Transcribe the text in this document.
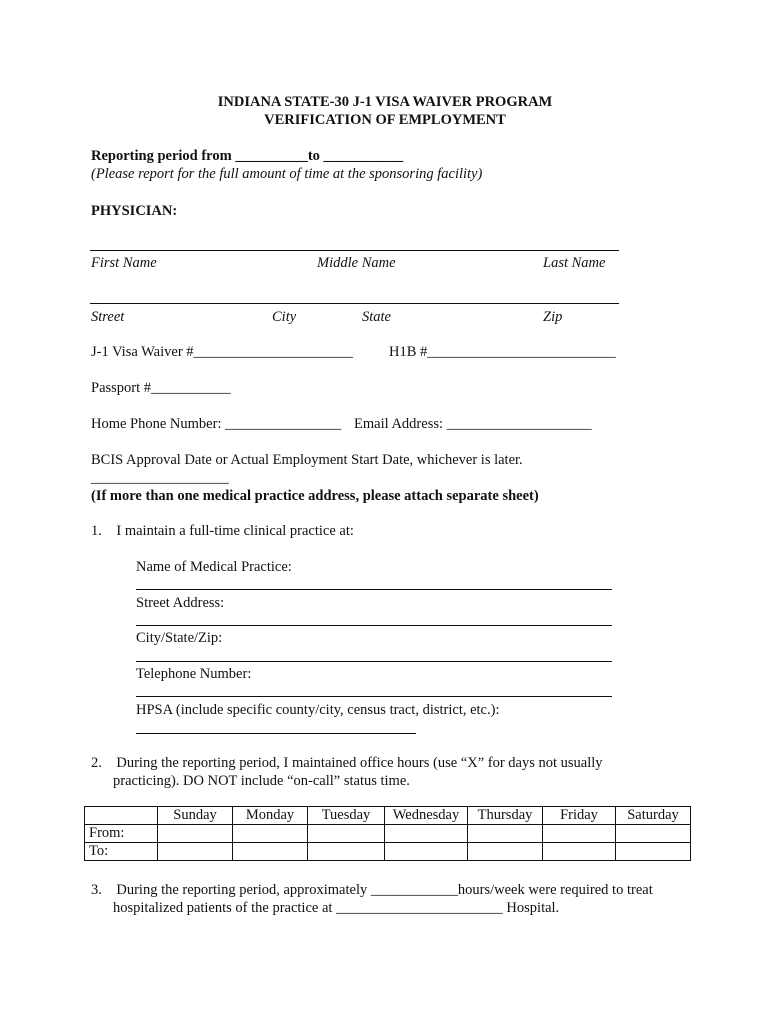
INDIANA STATE-30 J-1 VISA WAIVER PROGRAM
VERIFICATION OF EMPLOYMENT
Reporting period from __________to ___________
(Please report for the full amount of time at the sponsoring facility)
PHYSICIAN:
First Name	Middle Name	Last Name
Street	City	State	Zip
J-1 Visa Waiver #______________________ H1B #__________________________
Passport #___________
Home Phone Number: ________________ Email Address: ____________________
BCIS Approval Date or Actual Employment Start Date, whichever is later.
___________________
(If more than one medical practice address, please attach separate sheet)
1. I maintain a full-time clinical practice at:
Name of Medical Practice:
Street Address:
City/State/Zip:
Telephone Number:
HPSA (include specific county/city, census tract, district, etc.):
2. During the reporting period, I maintained office hours (use “X” for days not usually
practicing). DO NOT include “on-call” status time.
	Sunday	Monday	Tuesday	Wednesday	Thursday	Friday	Saturday
From:							
To:							
3. During the reporting period, approximately ____________hours/week were required to treat
hospitalized patients of the practice at _______________________ Hospital.
